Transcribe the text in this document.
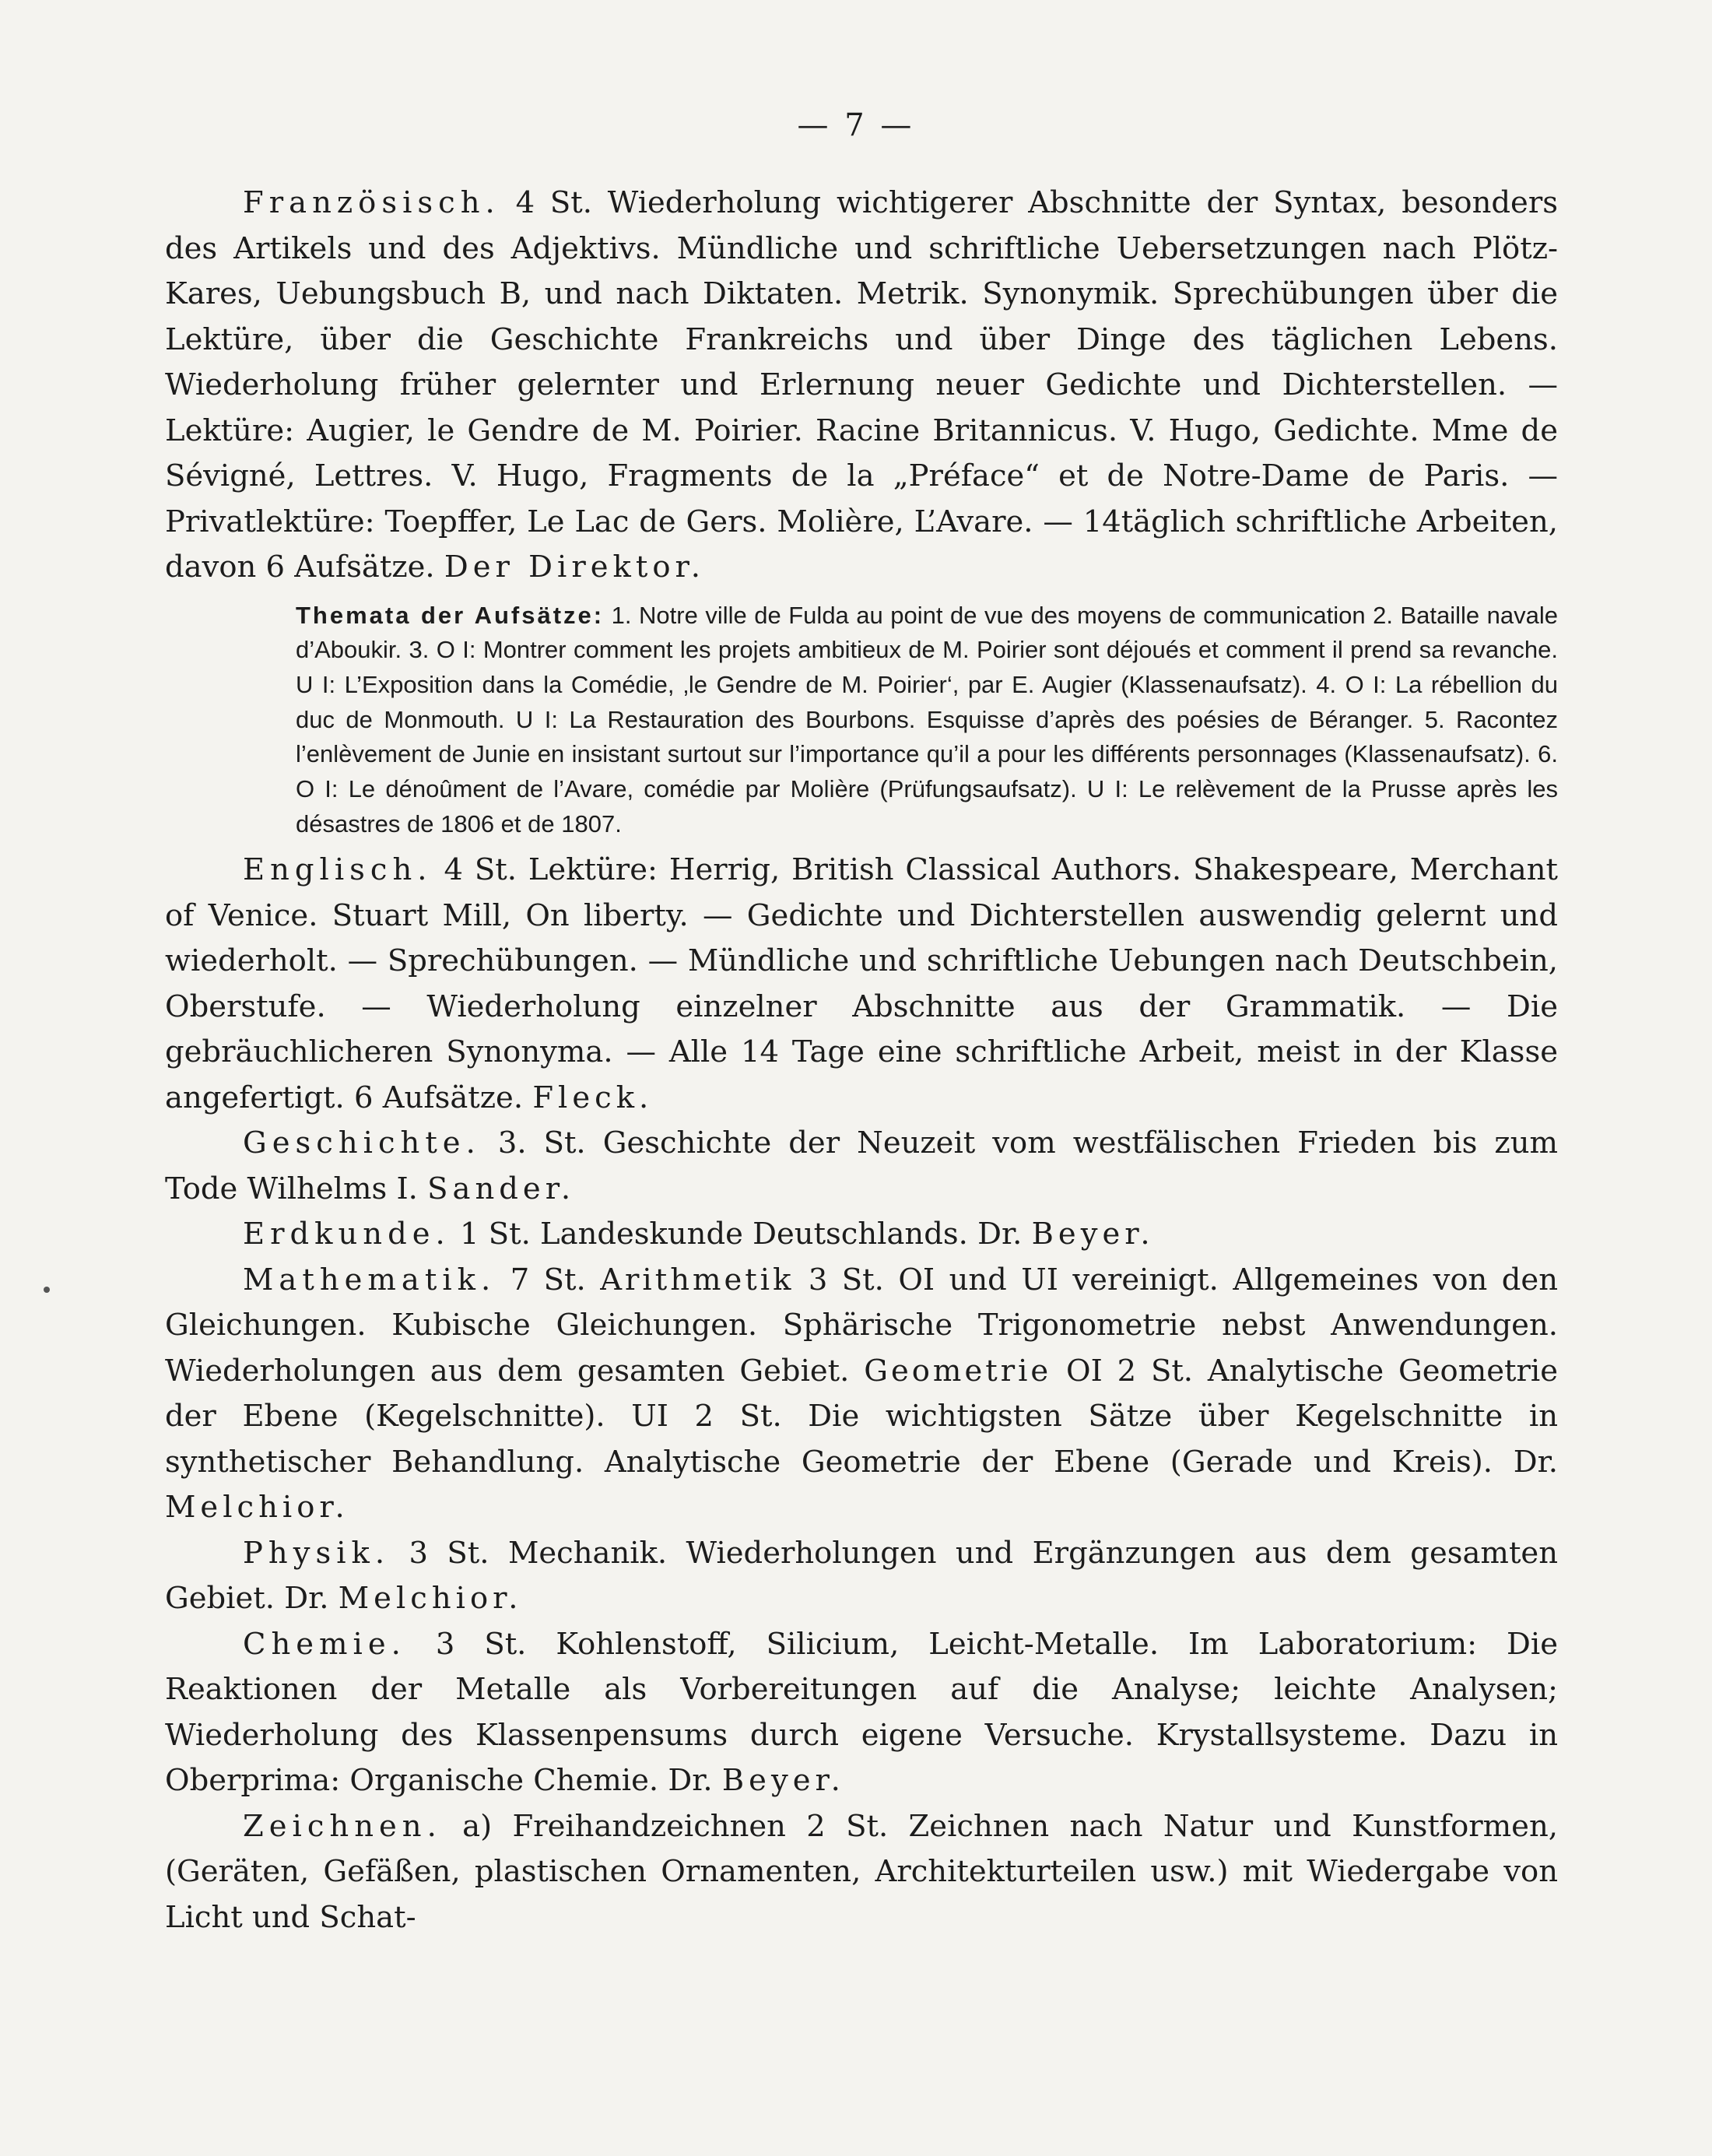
— 7 —

Französisch. 4 St. Wiederholung wichtigerer Abschnitte der Syntax, besonders des Artikels und des Adjektivs. Mündliche und schriftliche Uebersetzungen nach Plötz-Kares, Uebungsbuch B, und nach Diktaten. Metrik. Synonymik. Sprechübungen über die Lektüre, über die Geschichte Frankreichs und über Dinge des täglichen Lebens. Wiederholung früher gelernter und Erlernung neuer Gedichte und Dichterstellen. — Lektüre: Augier, le Gendre de M. Poirier. Racine Britannicus. V. Hugo, Gedichte. Mme de Sévigné, Lettres. V. Hugo, Fragments de la „Préface“ et de Notre-Dame de Paris. — Privatlektüre: Toepffer, Le Lac de Gers. Molière, L’Avare. — 14täglich schriftliche Arbeiten, davon 6 Aufsätze. Der Direktor.

Themata der Aufsätze: 1. Notre ville de Fulda au point de vue des moyens de communication 2. Bataille navale d’Aboukir. 3. O I: Montrer comment les projets ambitieux de M. Poirier sont déjoués et comment il prend sa revanche. U I: L’Exposition dans la Comédie, ‚le Gendre de M. Poirier‘, par E. Augier (Klassenaufsatz). 4. O I: La rébellion du duc de Monmouth. U I: La Restauration des Bourbons. Esquisse d’après des poésies de Béranger. 5. Racontez l’enlèvement de Junie en insistant surtout sur l’importance qu’il a pour les différents personnages (Klassenaufsatz). 6. O I: Le dénoûment de l’Avare, comédie par Molière (Prüfungsaufsatz). U I: Le relèvement de la Prusse après les désastres de 1806 et de 1807.

Englisch. 4 St. Lektüre: Herrig, British Classical Authors. Shakespeare, Merchant of Venice. Stuart Mill, On liberty. — Gedichte und Dichterstellen auswendig gelernt und wiederholt. — Sprechübungen. — Mündliche und schriftliche Uebungen nach Deutschbein, Oberstufe. — Wiederholung einzelner Abschnitte aus der Grammatik. — Die gebräuchlicheren Synonyma. — Alle 14 Tage eine schriftliche Arbeit, meist in der Klasse angefertigt. 6 Aufsätze. Fleck.

Geschichte. 3. St. Geschichte der Neuzeit vom westfälischen Frieden bis zum Tode Wilhelms I. Sander.

Erdkunde. 1 St. Landeskunde Deutschlands. Dr. Beyer.

Mathematik. 7 St. Arithmetik 3 St. OI und UI vereinigt. Allgemeines von den Gleichungen. Kubische Gleichungen. Sphärische Trigonometrie nebst Anwendungen. Wiederholungen aus dem gesamten Gebiet. Geometrie OI 2 St. Analytische Geometrie der Ebene (Kegelschnitte). UI 2 St. Die wichtigsten Sätze über Kegelschnitte in synthetischer Behandlung. Analytische Geometrie der Ebene (Gerade und Kreis). Dr. Melchior.

Physik. 3 St. Mechanik. Wiederholungen und Ergänzungen aus dem gesamten Gebiet. Dr. Melchior.

Chemie. 3 St. Kohlenstoff, Silicium, Leicht-Metalle. Im Laboratorium: Die Reaktionen der Metalle als Vorbereitungen auf die Analyse; leichte Analysen; Wiederholung des Klassenpensums durch eigene Versuche. Krystallsysteme. Dazu in Oberprima: Organische Chemie. Dr. Beyer.

Zeichnen. a) Freihandzeichnen 2 St. Zeichnen nach Natur und Kunstformen, (Geräten, Gefäßen, plastischen Ornamenten, Architekturteilen usw.) mit Wiedergabe von Licht und Schat-
